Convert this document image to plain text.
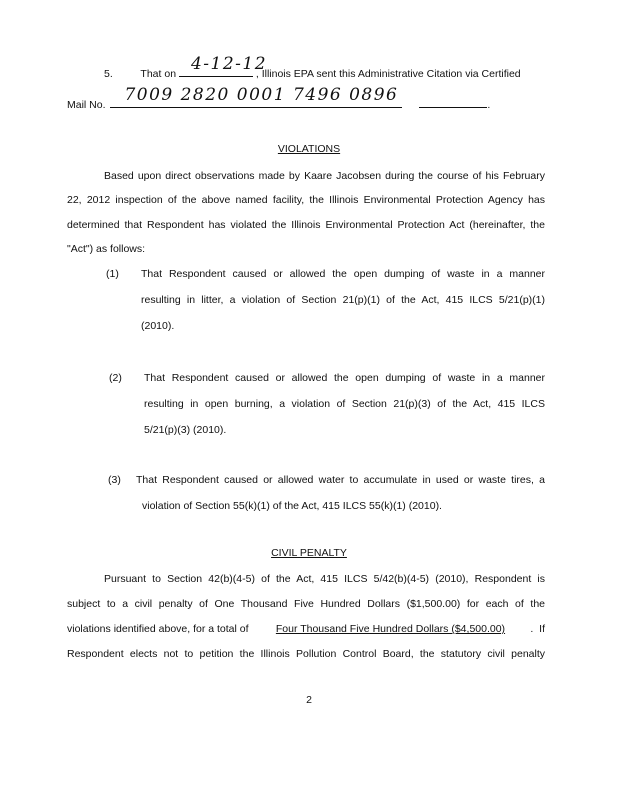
5.	That on 4-12-12
, Illinois EPA sent this Administrative Citation via Certified
Mail No. 7009 2820 0001 7496 0896	.
VIOLATIONS
Based upon direct observations made by Kaare Jacobsen during the course of his February
22, 2012 inspection of the above named facility, the Illinois Environmental Protection Agency has
determined that Respondent has violated the Illinois Environmental Protection Act (hereinafter, the
"Act") as follows:
(1) That Respondent caused or allowed the open dumping of waste in a manner
resulting in litter, a violation of Section 21(p)(1) of the Act, 415 ILCS 5/21(p)(1)
(2010).
(2) That Respondent caused or allowed the open dumping of waste in a manner
resulting in open burning, a violation of Section 21(p)(3) of the Act, 415 ILCS
5/21(p)(3) (2010).
(3) That Respondent caused or allowed water to accumulate in used or waste tires, a
violation of Section 55(k)(1) of the Act, 415 ILCS 55(k)(1) (2010).
CIVIL PENALTY
Pursuant to Section 42(b)(4-5) of the Act, 415 ILCS 5/42(b)(4-5) (2010), Respondent is
subject to a civil penalty of One Thousand Five Hundred Dollars ($1,500.00) for each of the
violations identified above, for a total of	Four Thousand Five Hundred Dollars ($4,500.00) .  If
Respondent elects not to petition the Illinois Pollution Control Board, the statutory civil penalty
2
